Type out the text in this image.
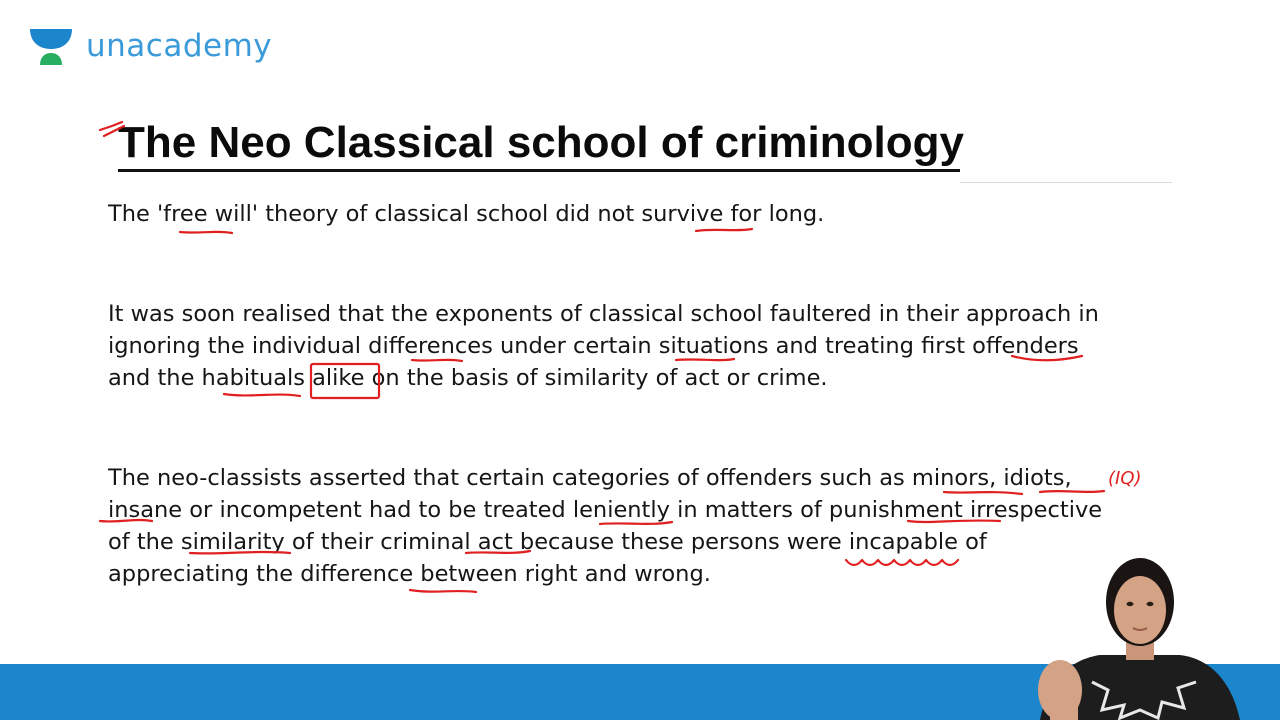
unacademy
The Neo Classical school of criminology

The 'free will' theory of classical school did not survive for long.

It was soon realised that the exponents of classical school faultered in their approach in
ignoring the individual differences under certain situations and treating first offenders
and the habituals alike on the basis of similarity of act or crime.

The neo-classists asserted that certain categories of offenders such as minors, idiots,
insane or incompetent had to be treated leniently in matters of punishment irrespective
of the similarity of their criminal act because these persons were incapable of
appreciating the difference between right and wrong.

(IQ)
